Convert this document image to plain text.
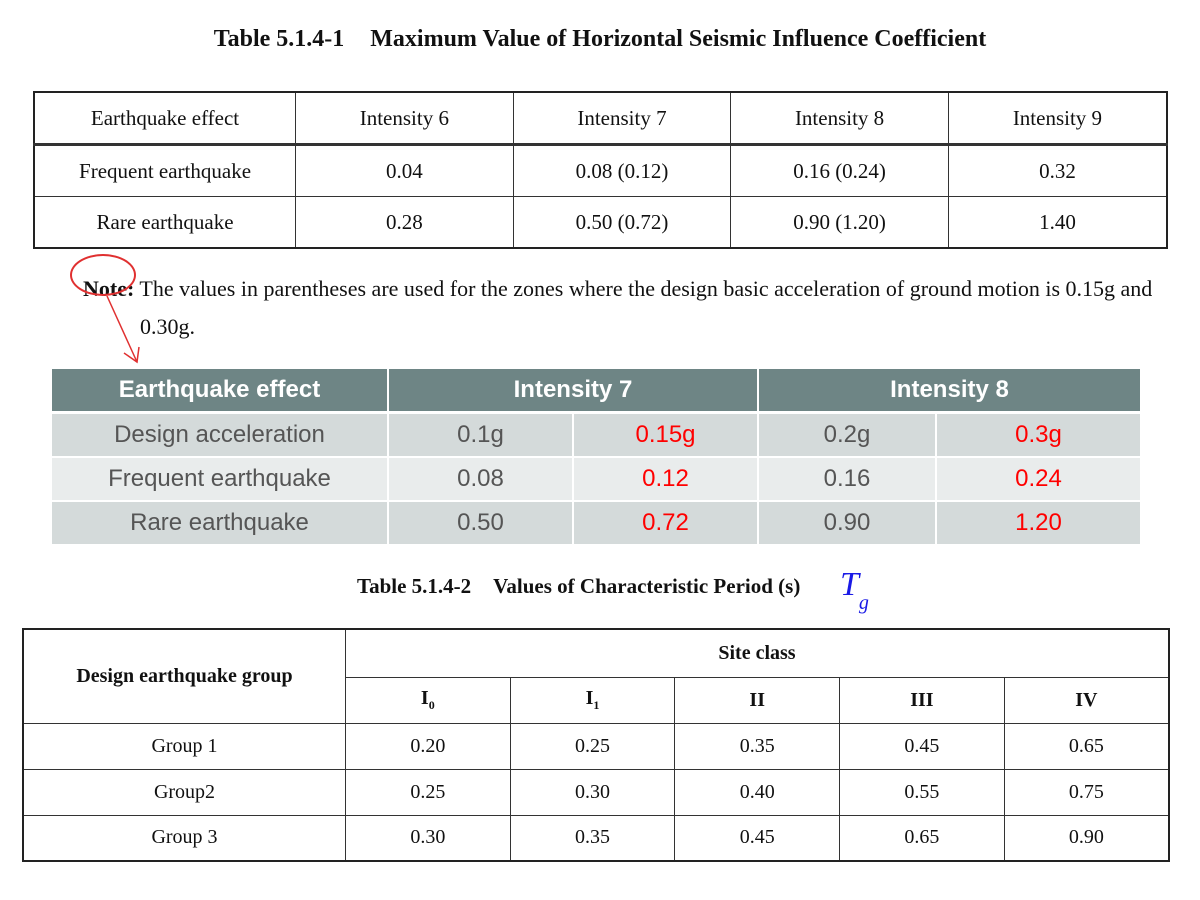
Table 5.1.4-1 Maximum Value of Horizontal Seismic Influence Coefficient
Earthquake effect	Intensity 6	Intensity 7	Intensity 8	Intensity 9
Frequent earthquake	0.04	0.08 (0.12)	0.16 (0.24)	0.32
Rare earthquake	0.28	0.50 (0.72)	0.90 (1.20)	1.40
Note: The values in parentheses are used for the zones where the design basic acceleration of ground motion is 0.15g and
0.30g.
Earthquake effect	Intensity 7		Intensity 8	
Design acceleration	0.1g	0.15g	0.2g	0.3g
Frequent earthquake	0.08	0.12	0.16	0.24
Rare earthquake	0.50	0.72	0.90	1.20
Table 5.1.4-2 Values of Characteristic Period (s) $T_g$
Design earthquake group	Site class				
	$I_0$	$I_1$	II	III	IV
Group 1	0.20	0.25	0.35	0.45	0.65
Group2	0.25	0.30	0.40	0.55	0.75
Group 3	0.30	0.35	0.45	0.65	0.90
